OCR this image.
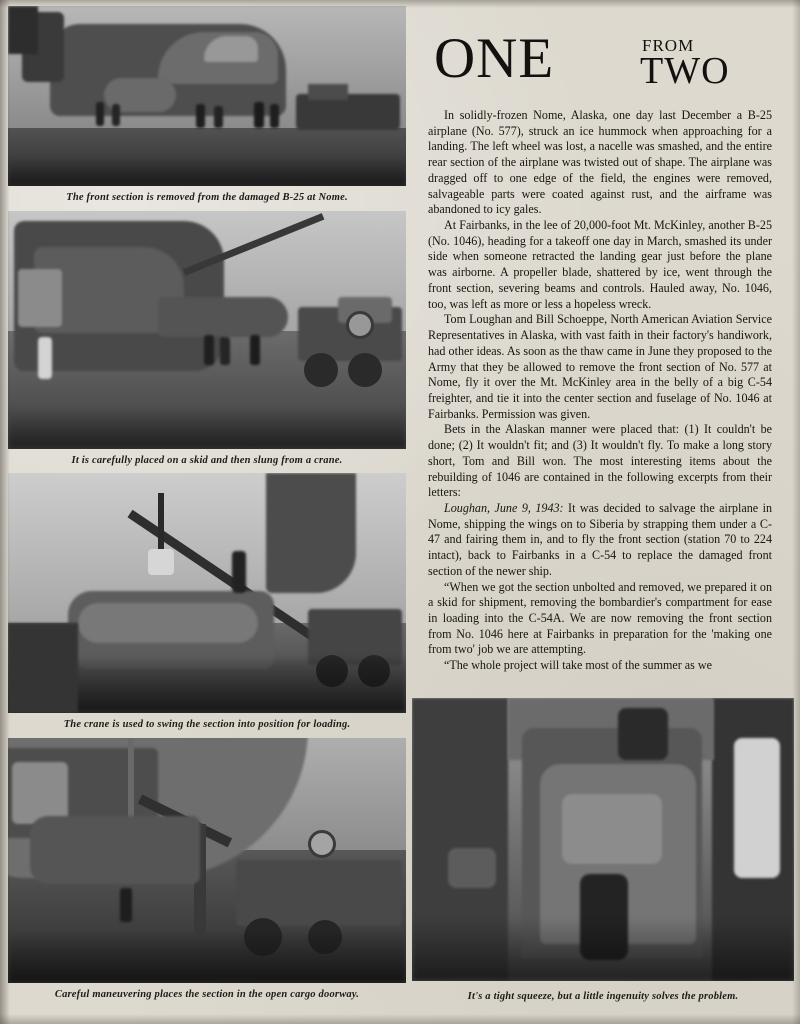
The front section is removed from the damaged B-25 at Nome.
It is carefully placed on a skid and then slung from a crane.
The crane is used to swing the section into position for loading.
Careful maneuvering places the section in the open cargo doorway.	It's a tight squeeze, but a little ingenuity solves the problem.
ONE	FROM
TWO

In solidly-frozen Nome, Alaska, one day last December a B-25 airplane (No. 577), struck an ice hummock when approaching for a landing. The left wheel was lost, a nacelle was smashed, and the entire rear section of the airplane was twisted out of shape. The airplane was dragged off to one edge of the field, the engines were removed, salvageable parts were coated against rust, and the airframe was abandoned to icy gales.

At Fairbanks, in the lee of 20,000-foot Mt. McKinley, another B-25 (No. 1046), heading for a takeoff one day in March, smashed its under side when someone retracted the landing gear just before the plane was airborne. A propeller blade, shattered by ice, went through the front section, severing beams and controls. Hauled away, No. 1046, too, was left as more or less a hopeless wreck.

Tom Loughan and Bill Schoeppe, North American Aviation Service Representatives in Alaska, with vast faith in their factory's handiwork, had other ideas. As soon as the thaw came in June they proposed to the Army that they be allowed to remove the front section of No. 577 at Nome, fly it over the Mt. McKinley area in the belly of a big C-54 freighter, and tie it into the center section and fuselage of No. 1046 at Fairbanks. Permission was given.

Bets in the Alaskan manner were placed that: (1) It couldn't be done; (2) It wouldn't fit; and (3) It wouldn't fly. To make a long story short, Tom and Bill won. The most interesting items about the rebuilding of 1046 are contained in the following excerpts from their letters:

Loughan, June 9, 1943: It was decided to salvage the airplane in Nome, shipping the wings on to Siberia by strapping them under a C-47 and fairing them in, and to fly the front section (station 70 to 224 intact), back to Fairbanks in a C-54 to replace the damaged front section of the newer ship.

“When we got the section unbolted and removed, we prepared it on a skid for shipment, removing the bombardier's compartment for ease in loading into the C-54A. We are now removing the front section from No. 1046 here at Fairbanks in preparation for the 'making one from two' job we are attempting.

“The whole project will take most of the summer as we
